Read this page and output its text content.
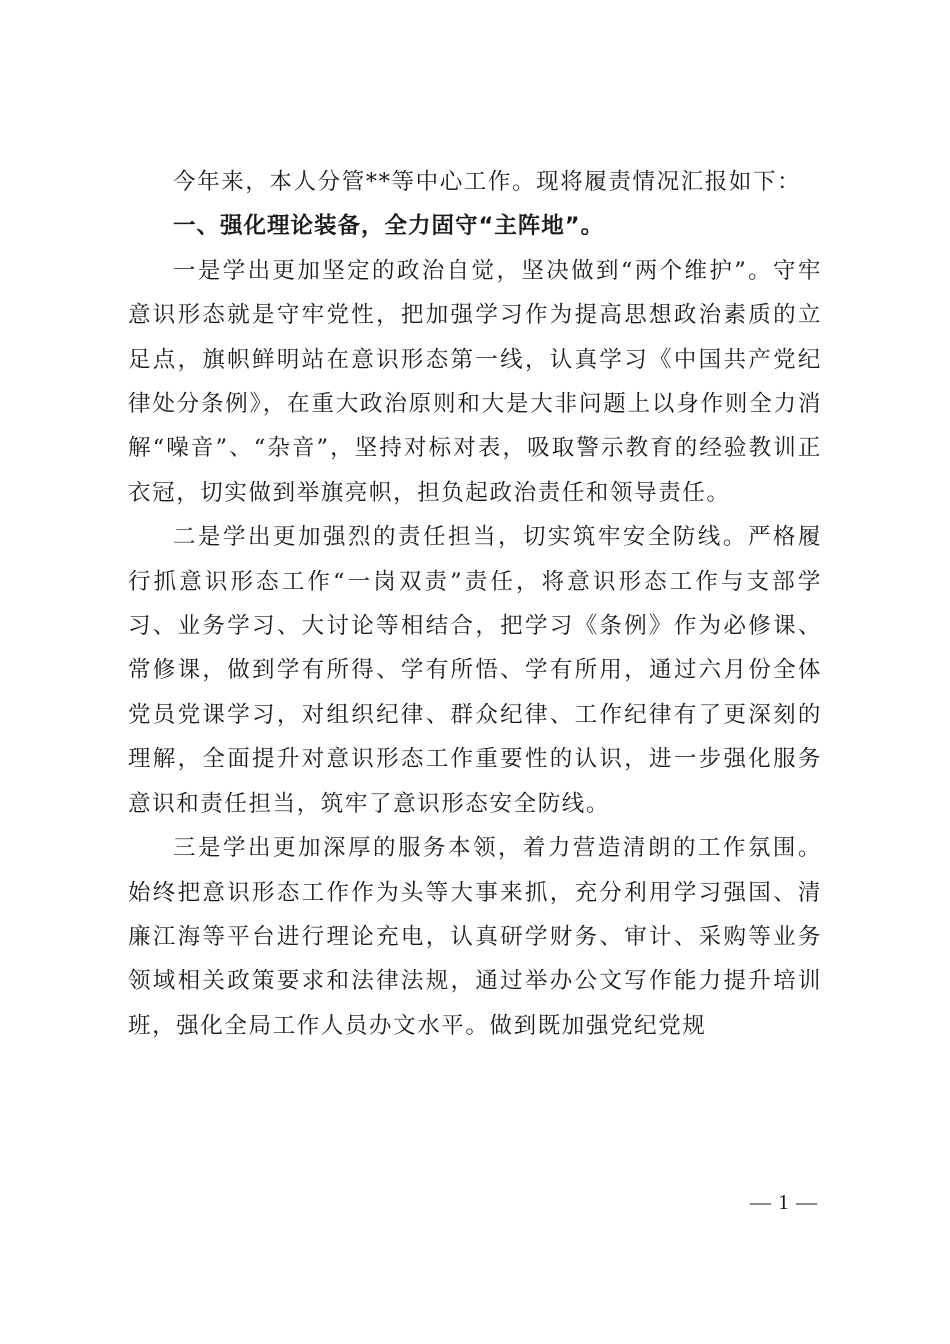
今年来，本人分管**等中心工作。现将履责情况汇报如下：

一、强化理论装备，全力固守“主阵地”。

一是学出更加坚定的政治自觉，坚决做到“两个维护”。守牢意识形态就是守牢党性，把加强学习作为提高思想政治素质的立足点，旗帜鲜明站在意识形态第一线，认真学习《中国共产党纪律处分条例》，在重大政治原则和大是大非问题上以身作则全力消解“噪音”、“杂音”，坚持对标对表，吸取警示教育的经验教训正衣冠，切实做到举旗亮帜，担负起政治责任和领导责任。

二是学出更加强烈的责任担当，切实筑牢安全防线。严格履行抓意识形态工作“一岗双责”责任，将意识形态工作与支部学习、业务学习、大讨论等相结合，把学习《条例》作为必修课、常修课，做到学有所得、学有所悟、学有所用，通过六月份全体党员党课学习，对组织纪律、群众纪律、工作纪律有了更深刻的理解，全面提升对意识形态工作重要性的认识，进一步强化服务意识和责任担当，筑牢了意识形态安全防线。

三是学出更加深厚的服务本领，着力营造清朗的工作氛围。始终把意识形态工作作为头等大事来抓，充分利用学习强国、清廉江海等平台进行理论充电，认真研学财务、审计、采购等业务领域相关政策要求和法律法规，通过举办公文写作能力提升培训班，强化全局工作人员办文水平。做到既加强党纪党规

— 1 —
